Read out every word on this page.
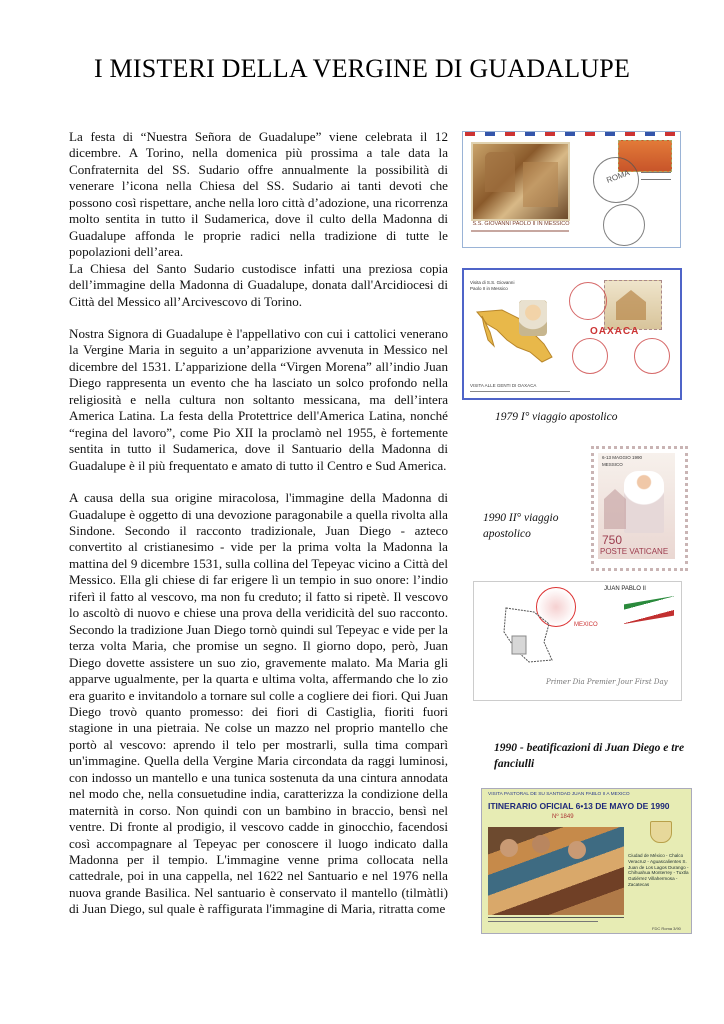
I MISTERI DELLA VERGINE DI GUADALUPE

La festa di “Nuestra Señora de Guadalupe” viene celebrata il 12 dicembre. A Torino, nella domenica più prossima a tale data la Confraternita del SS. Sudario offre annualmente la possibilità di venerare l’icona nella Chiesa del SS. Sudario ai tanti devoti che possono così rispettare, anche nella loro città d’adozione, una ricorrenza molto sentita in tutto il Sudamerica, dove il culto della Madonna di Guadalupe affonda le proprie radici nella tradizione di tutte le popolazioni dell’area.

La Chiesa del Santo Sudario custodisce infatti una preziosa copia dell’immagine della Madonna di Guadalupe, donata dall'Arcidiocesi di Città del Messico all’Arcivescovo di Torino.

Nostra Signora di Guadalupe è l'appellativo con cui i cattolici venerano la Vergine Maria in seguito a un’apparizione avvenuta in Messico nel dicembre del 1531. L’apparizione della “Virgen Morena” all’indio Juan Diego rappresenta un evento che ha lasciato un solco profondo nella religiosità e nella cultura non soltanto messicana, ma dell’intera America Latina. La festa della Protettrice dell'America Latina, nonché “regina del lavoro”, come Pio XII la proclamò nel 1955, è fortemente sentita in tutto il Sudamerica, dove il Santuario della Madonna di Guadalupe è il più frequentato e amato di tutto il Centro e Sud America.

A causa della sua origine miracolosa, l'immagine della Madonna di Guadalupe è oggetto di una devozione paragonabile a quella rivolta alla Sindone. Secondo il racconto tradizionale, Juan Diego - azteco convertito al cristianesimo - vide per la prima volta la Madonna la mattina del 9 dicembre 1531, sulla collina del Tepeyac vicino a Città del Messico. Ella gli chiese di far erigere lì un tempio in suo onore: l’indio riferì il fatto al vescovo, ma non fu creduto; il fatto si ripetè. Il vescovo lo ascoltò di nuovo e chiese una prova della veridicità del suo racconto. Secondo la tradizione Juan Diego tornò quindi sul Tepeyac e vide per la terza volta Maria, che promise un segno. Il giorno dopo, però, Juan Diego dovette assistere un suo zio, gravemente malato. Ma Maria gli apparve ugualmente, per la quarta e ultima volta, affermando che lo zio era guarito e invitandolo a tornare sul colle a cogliere dei fiori. Qui Juan Diego trovò quanto promesso: dei fiori di Castiglia, fioriti fuori stagione in una pietraia. Ne colse un mazzo nel proprio mantello che portò al vescovo: aprendo il telo per mostrarli, sulla tima comparì un'immagine. Quella della Vergine Maria circondata da raggi luminosi, con indosso un mantello e una tunica sostenuta da una cintura annodata nel modo che, nella consuetudine india, caratterizza la condizione della maternità in corso. Non quindi con un bambino in braccio, bensì nel ventre. Di fronte al prodigio, il vescovo cadde in ginocchio, facendosi così accompagnare al Tepeyac per conoscere il luogo indicato dalla Madonna per il tempio. L'immagine venne prima collocata nella cattedrale, poi in una cappella, nel 1622 nel Santuario e nel 1976 nella nuova grande Basilica. Nel santuario è conservato il mantello (tilmàtli) di Juan Diego, sul quale è raffigurata l'immagine di Maria, ritratta come

S.S. GIOVANNI PAOLO II IN MESSICO
ROMA
Visita di S.S. Giovanni Paolo II in Messico
OAXACA
VISITA ALLE GENTI DI OAXACA
1979 I° viaggio apostolico
6-13 MAGGIO 1990
MESSICO
750
POSTE VATICANE
1990 II° viaggio apostolico
JUAN PABLO II
MEXICO
Primer Dia Premier Jour First Day
1990 - beatificazioni di Juan Diego e tre fanciulli
VISITA PASTORAL DE SU SANTIDAD JUAN PABLO II A MEXICO
ITINERARIO OFICIAL 6•13 DE MAYO DE 1990
Nº 1849
Ciudad de México - Chalco Veracruz - Aguascalientes S. Juan de Los Lagos Durango - Chihuahua Monterrey - Tuxtla Gutiérrez Villahermosa - Zacatecas
FDC Roma 3/90
